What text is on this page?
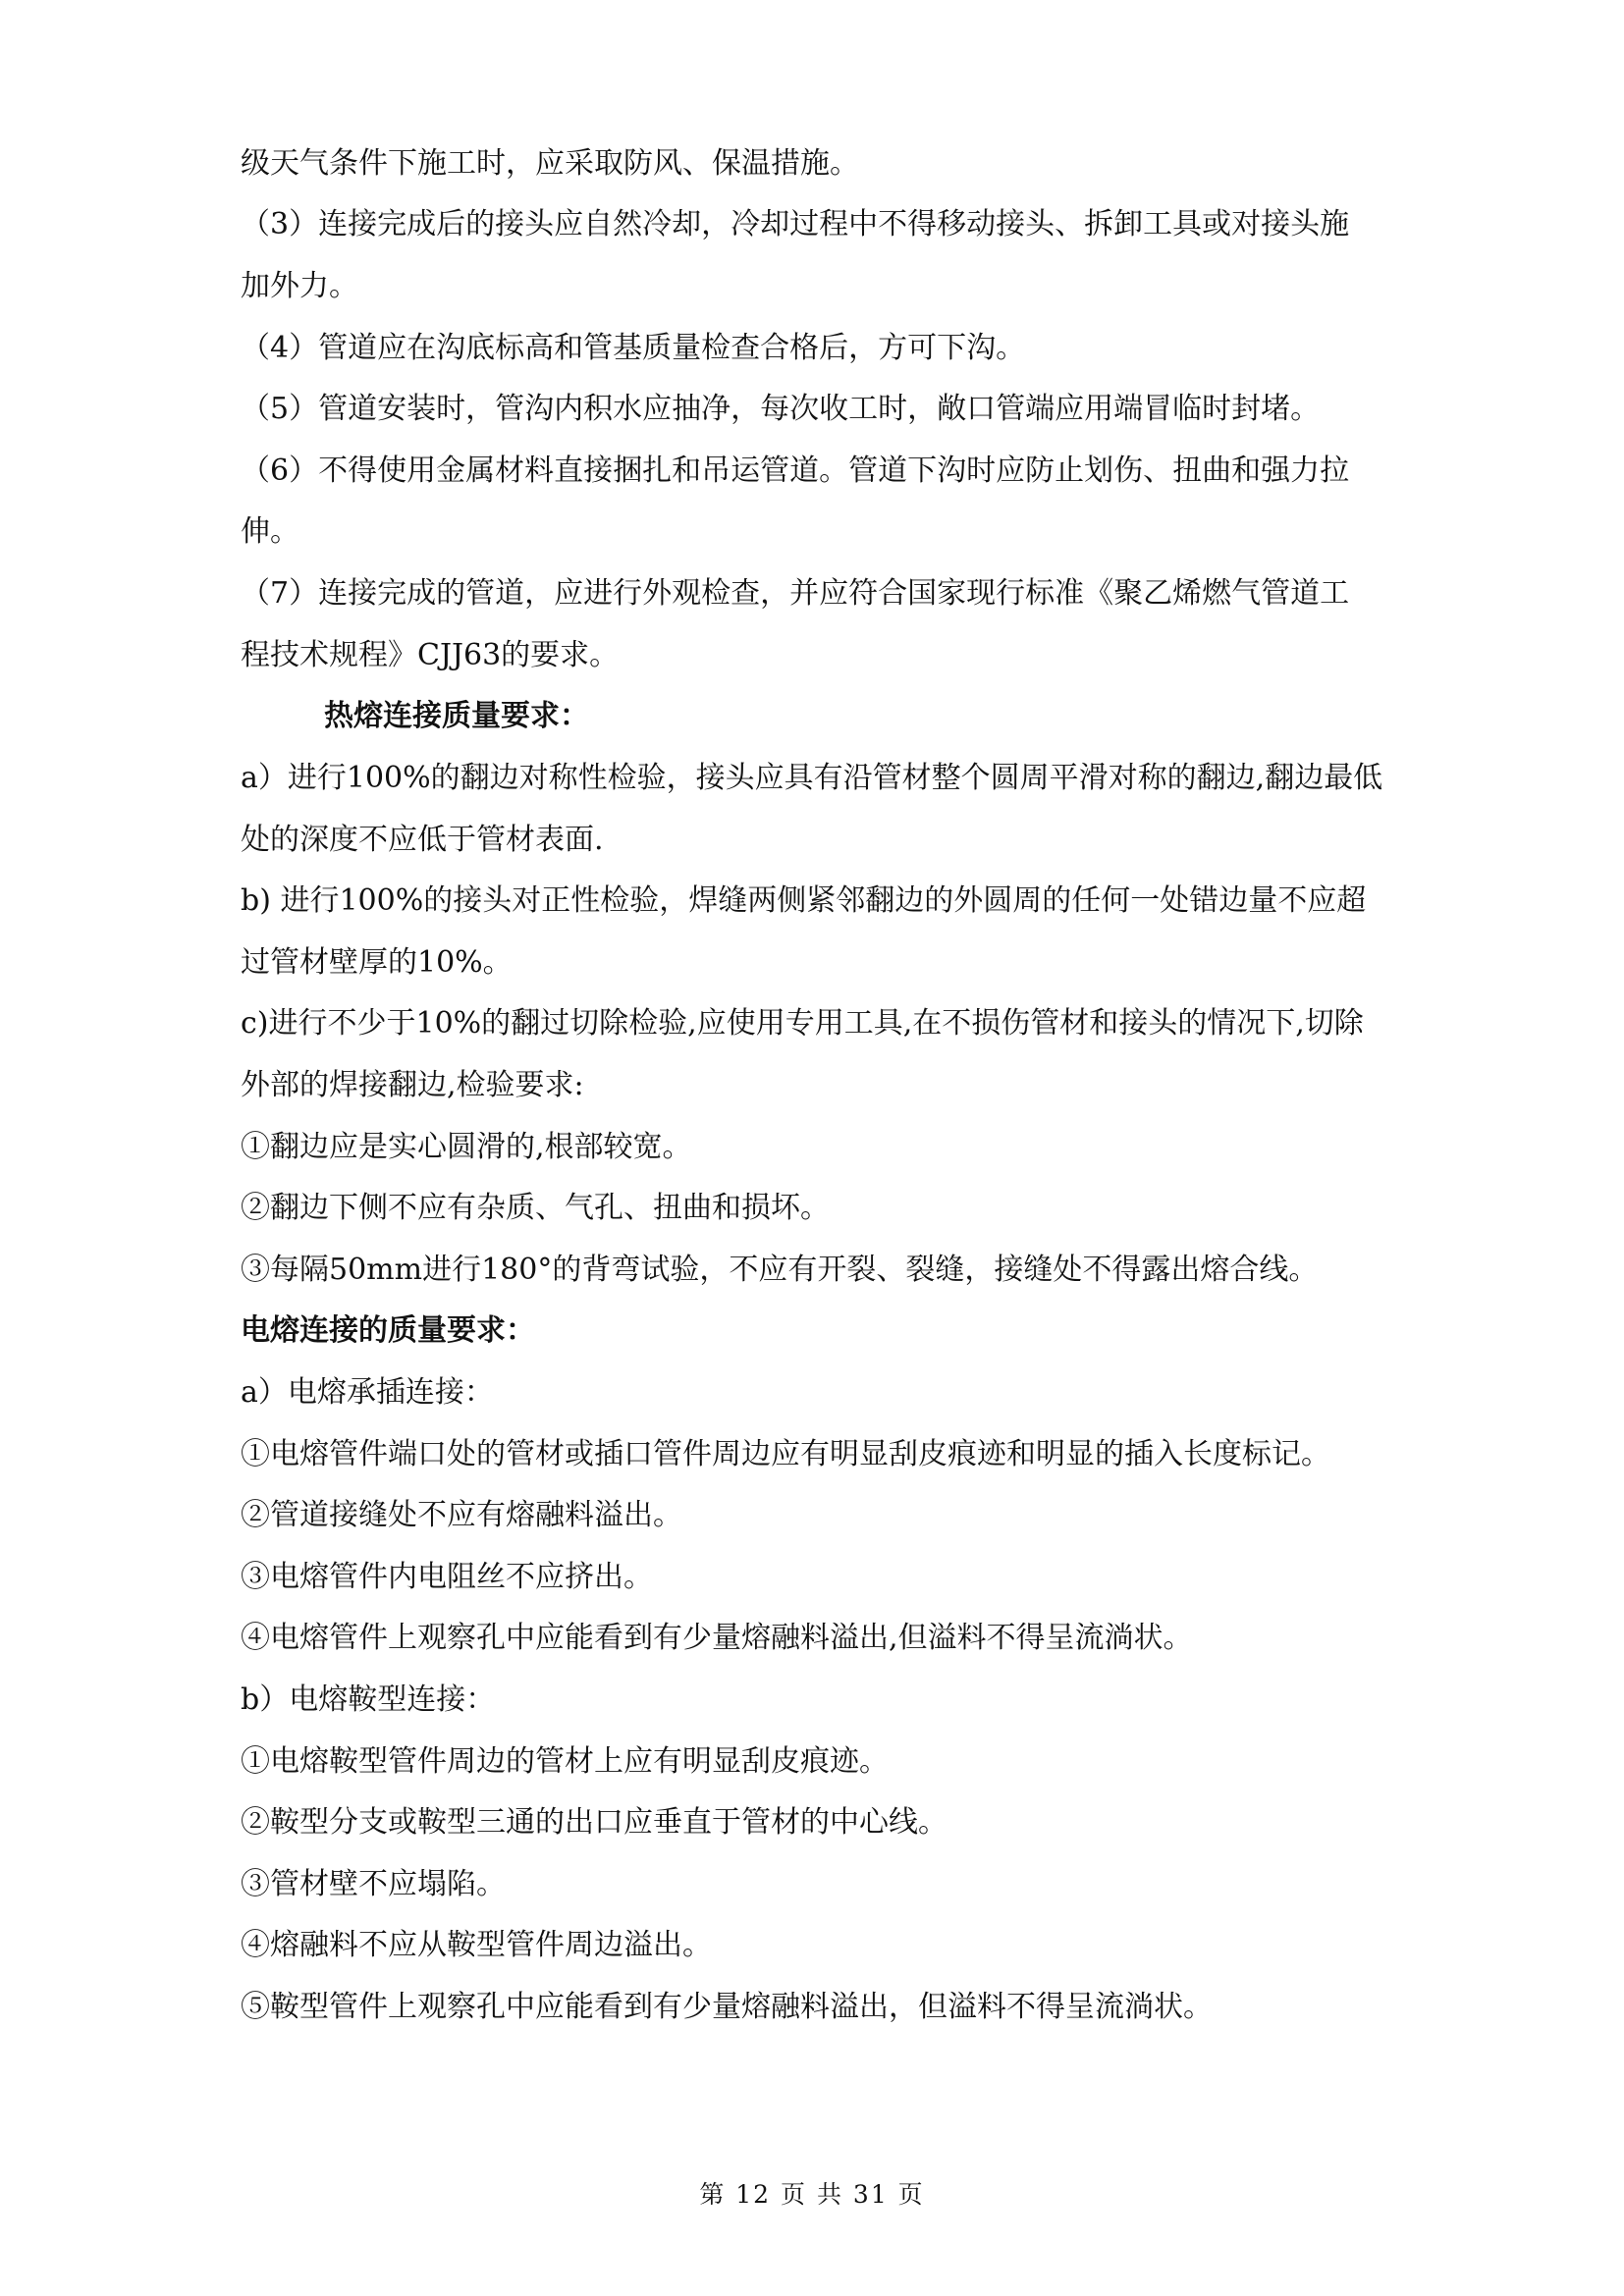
级天气条件下施工时，应采取防风、保温措施。
（3）连接完成后的接头应自然冷却，冷却过程中不得移动接头、拆卸工具或对接头施
加外力。
（4）管道应在沟底标高和管基质量检查合格后，方可下沟。
（5）管道安装时，管沟内积水应抽净，每次收工时，敞口管端应用端冒临时封堵。
（6）不得使用金属材料直接捆扎和吊运管道。管道下沟时应防止划伤、扭曲和强力拉
伸。
（7）连接完成的管道，应进行外观检查，并应符合国家现行标准《聚乙烯燃气管道工
程技术规程》CJJ63的要求。
热熔连接质量要求：
a）进行100%的翻边对称性检验，接头应具有沿管材整个圆周平滑对称的翻边,翻边最低
处的深度不应低于管材表面.
b) 进行100%的接头对正性检验，焊缝两侧紧邻翻边的外圆周的任何一处错边量不应超
过管材壁厚的10%。
c)进行不少于10%的翻过切除检验,应使用专用工具,在不损伤管材和接头的情况下,切除
外部的焊接翻边,检验要求:
①翻边应是实心圆滑的,根部较宽。
②翻边下侧不应有杂质、气孔、扭曲和损坏。
③每隔50mm进行180°的背弯试验，不应有开裂、裂缝，接缝处不得露出熔合线。
电熔连接的质量要求：
a）电熔承插连接：
①电熔管件端口处的管材或插口管件周边应有明显刮皮痕迹和明显的插入长度标记。
②管道接缝处不应有熔融料溢出。
③电熔管件内电阻丝不应挤出。
④电熔管件上观察孔中应能看到有少量熔融料溢出,但溢料不得呈流淌状。
b）电熔鞍型连接：
①电熔鞍型管件周边的管材上应有明显刮皮痕迹。
②鞍型分支或鞍型三通的出口应垂直于管材的中心线。
③管材壁不应塌陷。
④熔融料不应从鞍型管件周边溢出。
⑤鞍型管件上观察孔中应能看到有少量熔融料溢出，但溢料不得呈流淌状。
第 12 页 共 31 页
